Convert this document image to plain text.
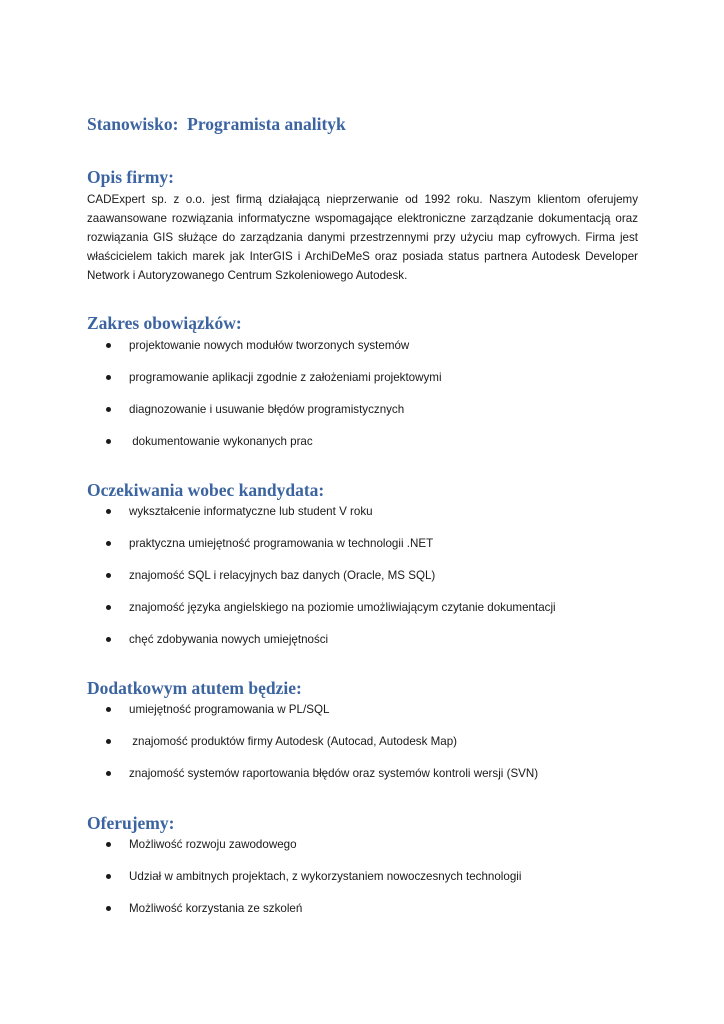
Stanowisko:  Programista analityk
Opis firmy:
CADExpert sp. z o.o. jest firmą działającą nieprzerwanie od 1992 roku. Naszym klientom oferujemy zaawansowane rozwiązania informatyczne wspomagające elektroniczne zarządzanie dokumentacją oraz rozwiązania GIS służące do zarządzania danymi przestrzennymi przy użyciu map cyfrowych. Firma jest właścicielem takich marek jak InterGIS i ArchiDeMeS oraz posiada status partnera Autodesk Developer Network i Autoryzowanego Centrum Szkoleniowego Autodesk.
Zakres obowiązków:
projektowanie nowych modułów tworzonych systemów
programowanie aplikacji zgodnie z założeniami projektowymi
diagnozowanie i usuwanie błędów programistycznych
dokumentowanie wykonanych prac
Oczekiwania wobec kandydata:
wykształcenie informatyczne lub student V roku
praktyczna umiejętność programowania w technologii .NET
znajomość SQL i relacyjnych baz danych (Oracle, MS SQL)
znajomość języka angielskiego na poziomie umożliwiającym czytanie dokumentacji
chęć zdobywania nowych umiejętności
Dodatkowym atutem będzie:
umiejętność programowania w PL/SQL
znajomość produktów firmy Autodesk (Autocad, Autodesk Map)
znajomość systemów raportowania błędów oraz systemów kontroli wersji (SVN)
Oferujemy:
Możliwość rozwoju zawodowego
Udział w ambitnych projektach, z wykorzystaniem nowoczesnych technologii
Możliwość korzystania ze szkoleń
